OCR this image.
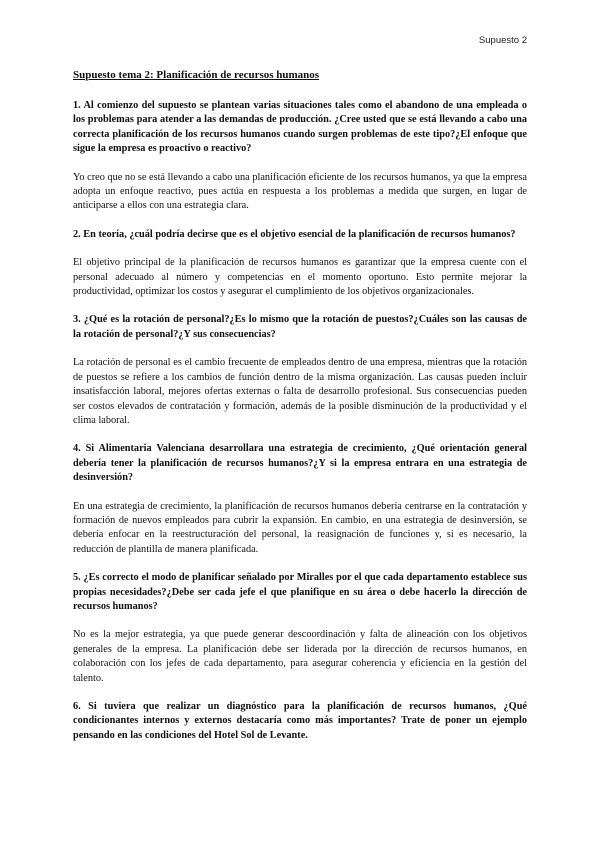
Supuesto 2
Supuesto tema 2: Planificación de recursos humanos
1. Al comienzo del supuesto se plantean varias situaciones tales como el abandono de una empleada o los problemas para atender a las demandas de producción. ¿Cree usted que se está llevando a cabo una correcta planificación de los recursos humanos cuando surgen problemas de este tipo?¿El enfoque que sigue la empresa es proactivo o reactivo?
Yo creo que no se está llevando a cabo una planificación eficiente de los recursos humanos, ya que la empresa adopta un enfoque reactivo, pues actúa en respuesta a los problemas a medida que surgen, en lugar de anticiparse a ellos con una estrategia clara.
2. En teoría, ¿cuál podría decirse que es el objetivo esencial de la planificación de recursos humanos?
El objetivo principal de la planificación de recursos humanos es garantizar que la empresa cuente con el personal adecuado al número y competencias en el momento oportuno. Esto permite mejorar la productividad, optimizar los costos y asegurar el cumplimiento de los objetivos organizacionales.
3. ¿Qué es la rotación de personal?¿Es lo mismo que la rotación de puestos?¿Cuáles son las causas de la rotación de personal?¿Y sus consecuencias?
La rotación de personal es el cambio frecuente de empleados dentro de una empresa, mientras que la rotación de puestos se refiere a los cambios de función dentro de la misma organización. Las causas pueden incluir insatisfacción laboral, mejores ofertas externas o falta de desarrollo profesional. Sus consecuencias pueden ser costos elevados de contratación y formación, además de la posible disminución de la productividad y el clima laboral.
4. Si Alimentaria Valenciana desarrollara una estrategia de crecimiento, ¿Qué orientación general debería tener la planificación de recursos humanos?¿Y si la empresa entrara en una estrategia de desinversión?
En una estrategia de crecimiento, la planificación de recursos humanos debería centrarse en la contratación y formación de nuevos empleados para cubrir la expansión. En cambio, en una estrategia de desinversión, se debería enfocar en la reestructuración del personal, la reasignación de funciones y, si es necesario, la reducción de plantilla de manera planificada.
5. ¿Es correcto el modo de planificar señalado por Miralles por el que cada departamento establece sus propias necesidades?¿Debe ser cada jefe el que planifique en su área o debe hacerlo la dirección de recursos humanos?
No es la mejor estrategia, ya que puede generar descoordinación y falta de alineación con los objetivos generales de la empresa. La planificación debe ser liderada por la dirección de recursos humanos, en colaboración con los jefes de cada departamento, para asegurar coherencia y eficiencia en la gestión del talento.
6. Si tuviera que realizar un diagnóstico para la planificación de recursos humanos, ¿Qué condicionantes internos y externos destacaría como más importantes? Trate de poner un ejemplo pensando en las condiciones del Hotel Sol de Levante.
